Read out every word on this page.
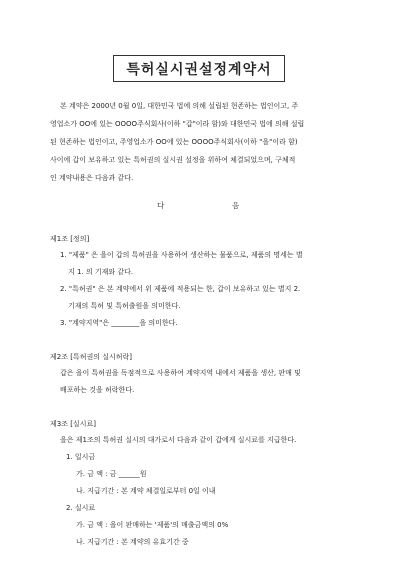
특허실시권설정계약서
본 계약은 2000년 0월 0일, 대한민국 법에 의해 설립된 현존하는 법인이고, 주
영업소가 OO에 있는 OOOO주식회사(이하 "갑"이라 함)와 대한민국 법에 의해 설립
된 현존하는 법인이고, 주영업소가 OO에 있는 OOOO주식회사(이하 "을"이라 함)
사이에 갑이 보유하고 있는 특허권의 실시권 설정을 위하여 체결되었으며, 구체적
인 계약내용은 다음과 같다.
다	음
제1조 [정의]
1. "제품" 은 을이 갑의 특허권을 사용하여 생산하는 물품으로, 제품의 명세는 별
지 1. 의 기재와 같다.
2. "특허권" 은 본 계약에서 위 제품에 적용되는 한, 갑이 보유하고 있는 별지 2.
기재의 특허 및 특허출원을 의미한다.
3. "계약지역"은 ________을 의미한다.
제2조 [특허권의 실시허락]
갑은 을이 특허권을 독점적으로 사용하여 계약지역 내에서 제품을 생산, 판매 및
배포하는 것을 허락한다.
제3조 [실시료]
을은 제1조의 특허권 실시의 대가로서 다음과 같이 갑에게 실시료를 지급한다.
1. 일시금
가. 금 액 : 금 ______원
나. 지급기간 : 본 계약 체결일로부터 0일 이내
2. 실시료
가. 금 액 : 을이 판매하는 '제품'의 매출금액의 0%
나. 지급기간 : 본 계약의 유효기간 중
